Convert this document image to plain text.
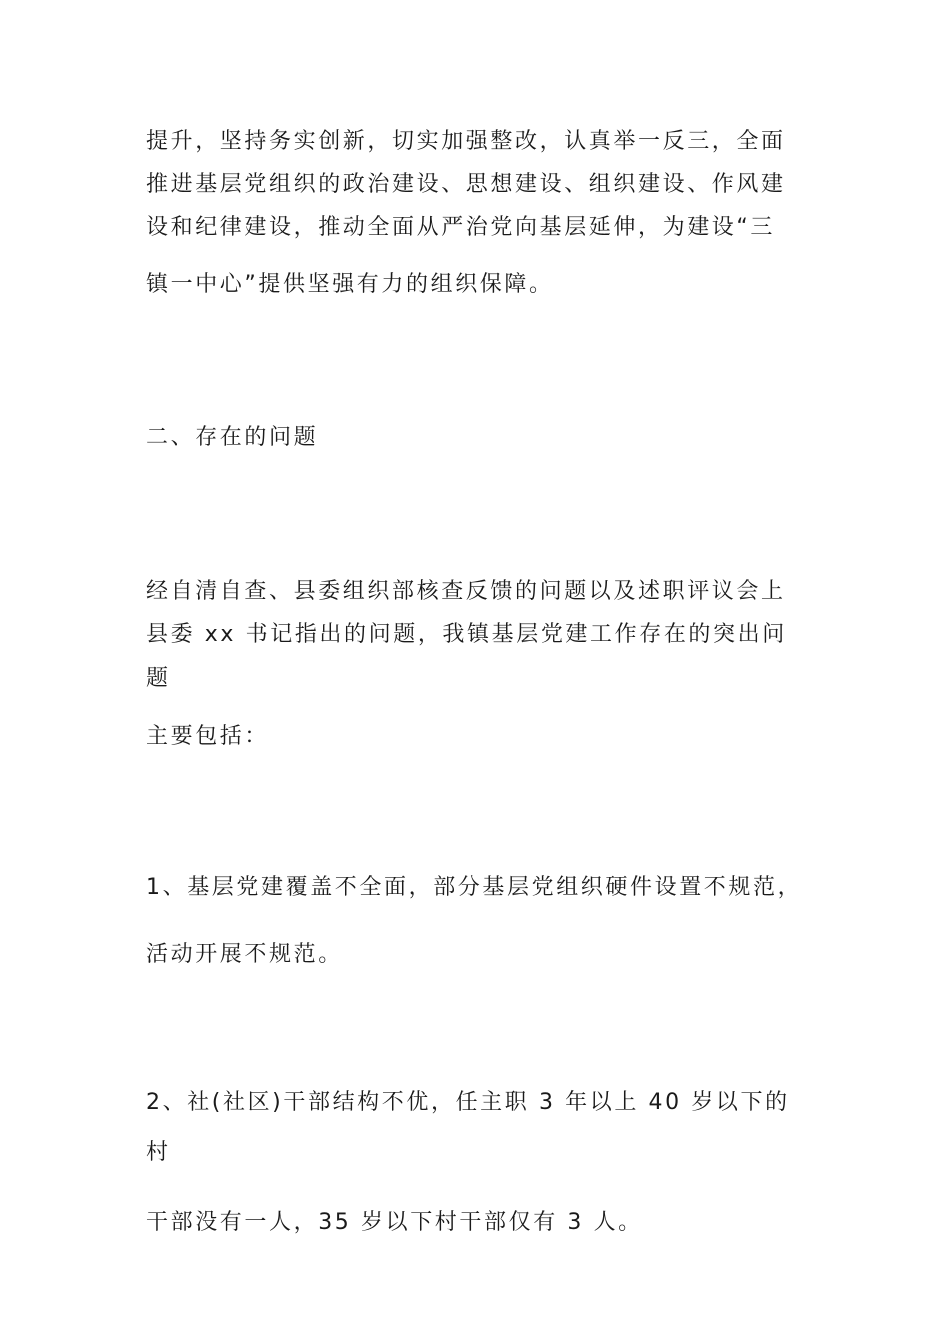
提升，坚持务实创新，切实加强整改，认真举一反三，全面
推进基层党组织的政治建设、思想建设、组织建设、作风建
设和纪律建设，推动全面从严治党向基层延伸，为建设“三
镇一中心”提供坚强有力的组织保障。
二、存在的问题
经自清自查、县委组织部核查反馈的问题以及述职评议会上
县委 xx 书记指出的问题，我镇基层党建工作存在的突出问
题
主要包括：
1、基层党建覆盖不全面，部分基层党组织硬件设置不规范，
活动开展不规范。
2、社(社区)干部结构不优，任主职 3 年以上 40 岁以下的
村
干部没有一人，35 岁以下村干部仅有 3 人。
